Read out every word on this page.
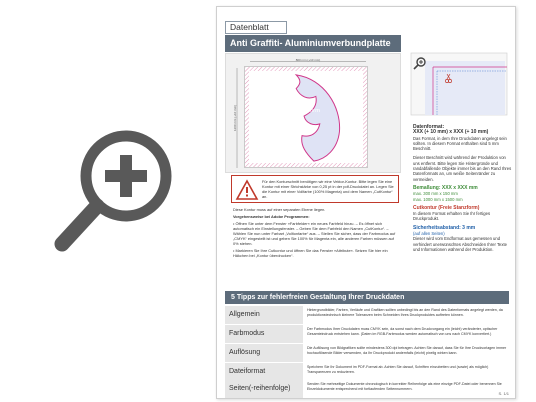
Datenblatt
Anti Graffiti- Aluminiumverbundplatte
800 mm (+10 mm)
1200 mm (+10 mm)	Motiv-Form
Datenformat:
XXX (+ 10 mm) x XXX (+ 10 mm)
Das Format, in dem Ihre Druckdaten angelegt sein sollten. In diesem Format enthalten sind 5 mm Beschnitt.
Dieser Beschnitt wird während der Produktion von uns entfernt. Bitte legen Sie Hintergründe und randabfallende Objekte immer bis an den Rand Ihres Datenformats an, um weiße Seitenränder zu vermeiden.
Bemaßung: XXX x XXX mm
max. 300 mm x 150 mm
max. 1000 mm x 1500 mm
Cutkontur (Freie Stanzform)
In diesem Format erhalten Sie Ihr fertiges Druckprodukt.
Sicherheitsabstand: 3 mm
(auf allen Seiten)
Dieser wird vom Endformat aus gemessen und verhindert unerwünschtes Abschneiden Ihrer Texte und Informationen während der Produktion.
Für den Konturschnitt benötigen wir eine Vektor-Kontur. Bitte legen Sie eine Kontur mit einer Strichstärke von 0,25 pt in der pdf-Druckdatei an. Legen Sie die Kontur mit einer Vollfarbe (100% Magenta) und dem Namen „CutKontur“ an.

Diese Kontur muss auf einer separaten Ebene liegen.

Vorgehensweise bei Adobe Programmen:

• Öffnen Sie unter dem Fenster »Farbfelder« ein neues Farbfeld hinzu. – Es öffnet sich automatisch ein Einstellungsfenster. – Geben Sie dem Farbfeld den Namen „CutKontur“. – Wählen Sie nun unter Farbart „Volltonfarbe“ aus. – Stellen Sie sicher, dass der Farbmodus auf „CMYK“ eingestellt ist und geben Sie 100% für Magenta ein, alle anderen Farben müssen auf 0% stehen.

• Markieren Sie Ihre Cutkontur und öffnen Sie das Fenster »Attribute«. Setzen Sie hier ein Häkchen bei „Kontur überdrucken“.

5 Tipps zur fehlerfreien Gestaltung Ihrer Druckdaten
Allgemein
Hintergrundbilder, Farben, Verläufe und Grafiken sollten unbedingt bis an den Rand des Datenformats angelegt werden, da produktionstechnisch kleinere Toleranzen beim Schneiden Ihres Druckproduktes auftreten können.
Farbmodus
Der Farbmodus Ihrer Druckdaten muss CMYK sein, da sonst nach dem Druckvorgang ein (leicht) veränderter, optischer Gesamteindruck entstehen kann. (Daten im RGB-Farbmodus werden automatisch von uns nach CMYK konvertiert.)
Auflösung
Die Auflösung von Bildgrafiken sollte mindestens 300 dpi betragen. Achten Sie darauf, dass Sie für Ihre Druckvorlagen immer hochauflösende Bilder verwenden, da Ihr Druckprodukt andernfalls (leicht) pixelig wirken kann.
Dateiformat
Speichern Sie Ihr Dokument im PDF-Format ab. Achten Sie darauf, Schriften einzubetten und (sowie) als möglich) Transparenzen zu reduzieren.
Seiten(-reihenfolge)
Senden Sie mehrseitige Dokumente chronologisch in korrekter Reihenfolge als eine einzige PDF-Datei oder benennen Sie Einzeldokumente entsprechend mit fortlaufenden Seitennummern.
S. 1/1
